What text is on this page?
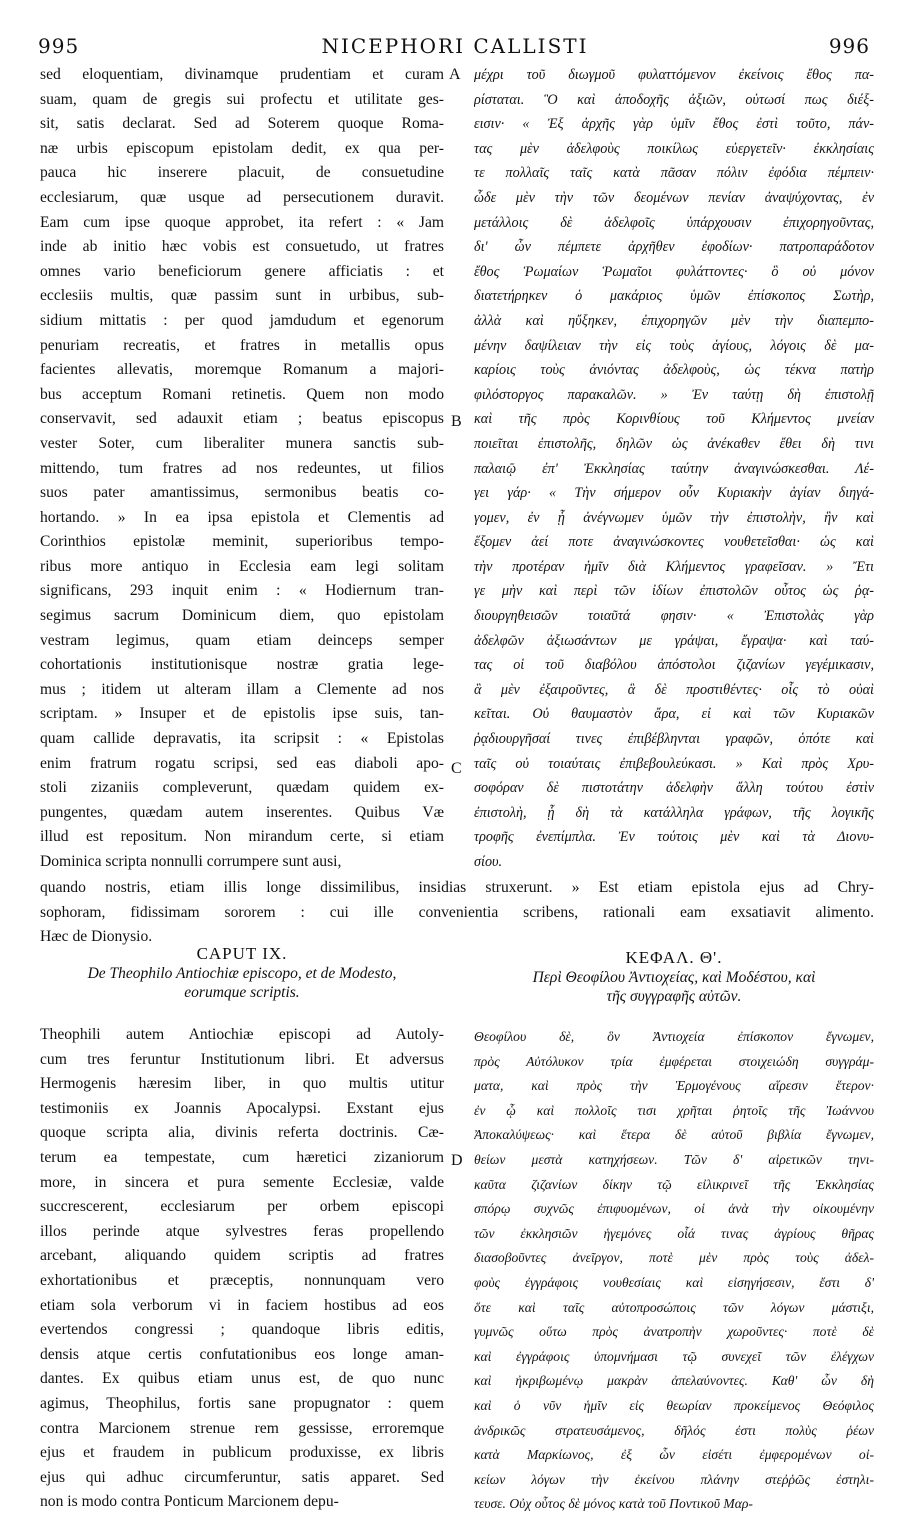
995	NICEPHORI CALLISTI	996
A
B
C
D
sed eloquentiam, divinamque prudentiam et curam
suam, quam de gregis sui profectu et utilitate ges-
sit, satis declarat. Sed ad Soterem quoque Roma-
næ urbis episcopum epistolam dedit, ex qua per-
pauca hic inserere placuit, de consuetudine
ecclesiarum, quæ usque ad persecutionem duravit.
Eam cum ipse quoque approbet, ita refert : « Jam
inde ab initio hæc vobis est consuetudo, ut fratres
omnes vario beneficiorum genere afficiatis : et
ecclesiis multis, quæ passim sunt in urbibus, sub-
sidium mittatis : per quod jamdudum et egenorum
penuriam recreatis, et fratres in metallis opus
facientes allevatis, moremque Romanum a majori-
bus acceptum Romani retinetis. Quem non modo
conservavit, sed adauxit etiam ; beatus episcopus
vester Soter, cum liberaliter munera sanctis sub-
mittendo, tum fratres ad nos redeuntes, ut filios
suos pater amantissimus, sermonibus beatis co-
hortando. » In ea ipsa epistola et Clementis ad
Corinthios epistolæ meminit, superioribus tempo-
ribus more antiquo in Ecclesia eam legi solitam
significans, 293 inquit enim : « Hodiernum tran-
segimus sacrum Dominicum diem, quo epistolam
vestram legimus, quam etiam deinceps semper
cohortationis institutionisque nostræ gratia lege-
mus ; itidem ut alteram illam a Clemente ad nos
scriptam. » Insuper et de epistolis ipse suis, tan-
quam callide depravatis, ita scripsit : « Epistolas
enim fratrum rogatu scripsi, sed eas diaboli apo-
stoli zizaniis compleverunt, quædam quidem ex-
pungentes, quædam autem inserentes. Quibus Væ
illud est repositum. Non mirandum certe, si etiam
Dominica scripta nonnulli corrumpere sunt ausi,
μέχρι τοῦ διωγμοῦ φυλαττόμενον ἐκείνοις ἔθος πα-
ρίσταται. Ὃ καὶ ἀποδοχῆς ἀξιῶν, οὑτωσί πως διέξ-
εισιν· « Ἐξ ἀρχῆς γὰρ ὑμῖν ἔθος ἐστὶ τοῦτο, πάν-
τας μὲν ἀδελφοὺς ποικίλως εὐεργετεῖν· ἐκκλησίαις
τε πολλαῖς ταῖς κατὰ πᾶσαν πόλιν ἐφόδια πέμπειν·
ὧδε μὲν τὴν τῶν δεομένων πενίαν ἀναψύχοντας, ἐν
μετάλλοις δὲ ἀδελφοῖς ὑπάρχουσιν ἐπιχορηγοῦντας,
δι' ὧν πέμπετε ἀρχῆθεν ἐφοδίων· πατροπαράδοτον
ἔθος Ῥωμαίων Ῥωμαῖοι φυλάττοντες· ὃ οὐ μόνον
διατετήρηκεν ὁ μακάριος ὑμῶν ἐπίσκοπος Σωτὴρ,
ἀλλὰ καὶ ηὔξηκεν, ἐπιχορηγῶν μὲν τὴν διαπεμπο-
μένην δαψίλειαν τὴν εἰς τοὺς ἁγίους, λόγοις δὲ μα-
καρίοις τοὺς ἀνιόντας ἀδελφοὺς, ὡς τέκνα πατὴρ
φιλόστοργος παρακαλῶν. » Ἐν ταύτῃ δὴ ἐπιστολῇ
καὶ τῆς πρὸς Κορινθίους τοῦ Κλήμεντος μνείαν
ποιεῖται ἐπιστολῆς, δηλῶν ὡς ἀνέκαθεν ἔθει δὴ τινι
παλαιῷ ἐπ' Ἐκκλησίας ταύτην ἀναγινώσκεσθαι. Λέ-
γει γάρ· « Τὴν σήμερον οὖν Κυριακὴν ἁγίαν διηγά-
γομεν, ἐν ᾗ ἀνέγνωμεν ὑμῶν τὴν ἐπιστολὴν, ἣν καὶ
ἕξομεν ἀεί ποτε ἀναγινώσκοντες νουθετεῖσθαι· ὡς καὶ
τὴν προτέραν ἡμῖν διὰ Κλήμεντος γραφεῖσαν. » Ἔτι
γε μὴν καὶ περὶ τῶν ἰδίων ἐπιστολῶν οὗτος ὡς ῥᾳ-
διουργηθεισῶν τοιαῦτά φησιν· « Ἐπιστολὰς γὰρ
ἀδελφῶν ἀξιωσάντων με γράψαι, ἔγραψα· καὶ ταύ-
τας οἱ τοῦ διαβόλου ἀπόστολοι ζιζανίων γεγέμικασιν,
ἃ μὲν ἐξαιροῦντες, ἃ δὲ προστιθέντες· οἷς τὸ οὐαὶ
κεῖται. Οὐ θαυμαστὸν ἄρα, εἰ καὶ τῶν Κυριακῶν
ῥᾳδιουργῆσαί τινες ἐπιβέβληνται γραφῶν, ὁπότε καὶ
ταῖς οὐ τοιαύταις ἐπιβεβουλεύκασι. » Καὶ πρὸς Χρυ-
σοφόραν δὲ πιστοτάτην ἀδελφὴν ἄλλη τούτου ἐστὶν
ἐπιστολὴ, ᾗ δὴ τὰ κατάλληλα γράφων, τῆς λογικῆς
τροφῆς ἐνεπίμπλα. Ἐν τούτοις μὲν καὶ τὰ Διονυ-
σίου.
quando nostris, etiam illis longe dissimilibus, insidias struxerunt. » Est etiam epistola ejus ad Chry-
sophoram, fidissimam sororem : cui ille convenientia scribens, rationali eam exsatiavit alimento.
Hæc de Dionysio.
CAPUT IX.
De Theophilo Antiochiæ episcopo, et de Modesto,
eorumque scriptis.
ΚΕΦΑΛ. Θ'.
Περὶ Θεοφίλου Ἀντιοχείας, καὶ Μοδέστου, καὶ
τῆς συγγραφῆς αὐτῶν.
Theophili autem Antiochiæ episcopi ad Autoly-
cum tres feruntur Institutionum libri. Et adversus
Hermogenis hæresim liber, in quo multis utitur
testimoniis ex Joannis Apocalypsi. Exstant ejus
quoque scripta alia, divinis referta doctrinis. Cæ-
terum ea tempestate, cum hæretici zizaniorum
more, in sincera et pura semente Ecclesiæ, valde
succrescerent, ecclesiarum per orbem episcopi
illos perinde atque sylvestres feras propellendo
arcebant, aliquando quidem scriptis ad fratres
exhortationibus et præceptis, nonnunquam vero
etiam sola verborum vi in faciem hostibus ad eos
evertendos congressi ; quandoque libris editis,
densis atque certis confutationibus eos longe aman-
dantes. Ex quibus etiam unus est, de quo nunc
agimus, Theophilus, fortis sane propugnator : quem
contra Marcionem strenue rem gessisse, erroremque
ejus et fraudem in publicum produxisse, ex libris
ejus qui adhuc circumferuntur, satis apparet. Sed
non is modo contra Ponticum Marcionem depu-
Θεοφίλου δὲ, ὃν Ἀντιοχεία ἐπίσκοπον ἔγνωμεν,
πρὸς Αὐτόλυκον τρία ἐμφέρεται στοιχειώδη συγγράμ-
ματα, καὶ πρὸς τὴν Ἑρμογένους αἵρεσιν ἕτερον·
ἐν ᾧ καὶ πολλοῖς τισι χρῆται ῥητοῖς τῆς Ἰωάννου
Ἀποκαλύψεως· καὶ ἕτερα δὲ αὐτοῦ βιβλία ἔγνωμεν,
θείων μεστὰ κατηχήσεων. Τῶν δ' αἱρετικῶν τηνι-
καῦτα ζιζανίων δίκην τῷ εἰλικρινεῖ τῆς Ἐκκλησίας
σπόρῳ συχνῶς ἐπιφυομένων, οἱ ἀνὰ τὴν οἰκουμένην
τῶν ἐκκλησιῶν ἡγεμόνες οἷά τινας ἀγρίους θῆρας
διασοβοῦντες ἀνεῖργον, ποτὲ μὲν πρὸς τοὺς ἀδελ-
φοὺς ἐγγράφοις νουθεσίαις καὶ εἰσηγήσεσιν, ἔστι δ'
ὅτε καὶ ταῖς αὐτοπροσώποις τῶν λόγων μάστιξι,
γυμνῶς οὕτω πρὸς ἀνατροπὴν χωροῦντες· ποτὲ δὲ
καὶ ἐγγράφοις ὑπομνήμασι τῷ συνεχεῖ τῶν ἐλέγχων
καὶ ἠκριβωμένῳ μακρὰν ἀπελαύνοντες. Καθ' ὧν δὴ
καὶ ὁ νῦν ἡμῖν εἰς θεωρίαν προκείμενος Θεόφιλος
ἀνδρικῶς στρατευσάμενος, δῆλός ἐστι πολὺς ῥέων
κατὰ Μαρκίωνος, ἐξ ὧν εἰσέτι ἐμφερομένων οἰ-
κείων λόγων τὴν ἐκείνου πλάνην στεῤῥῶς ἐστηλι-
τευσε. Οὐχ οὗτος δὲ μόνος κατὰ τοῦ Ποντικοῦ Μαρ-
